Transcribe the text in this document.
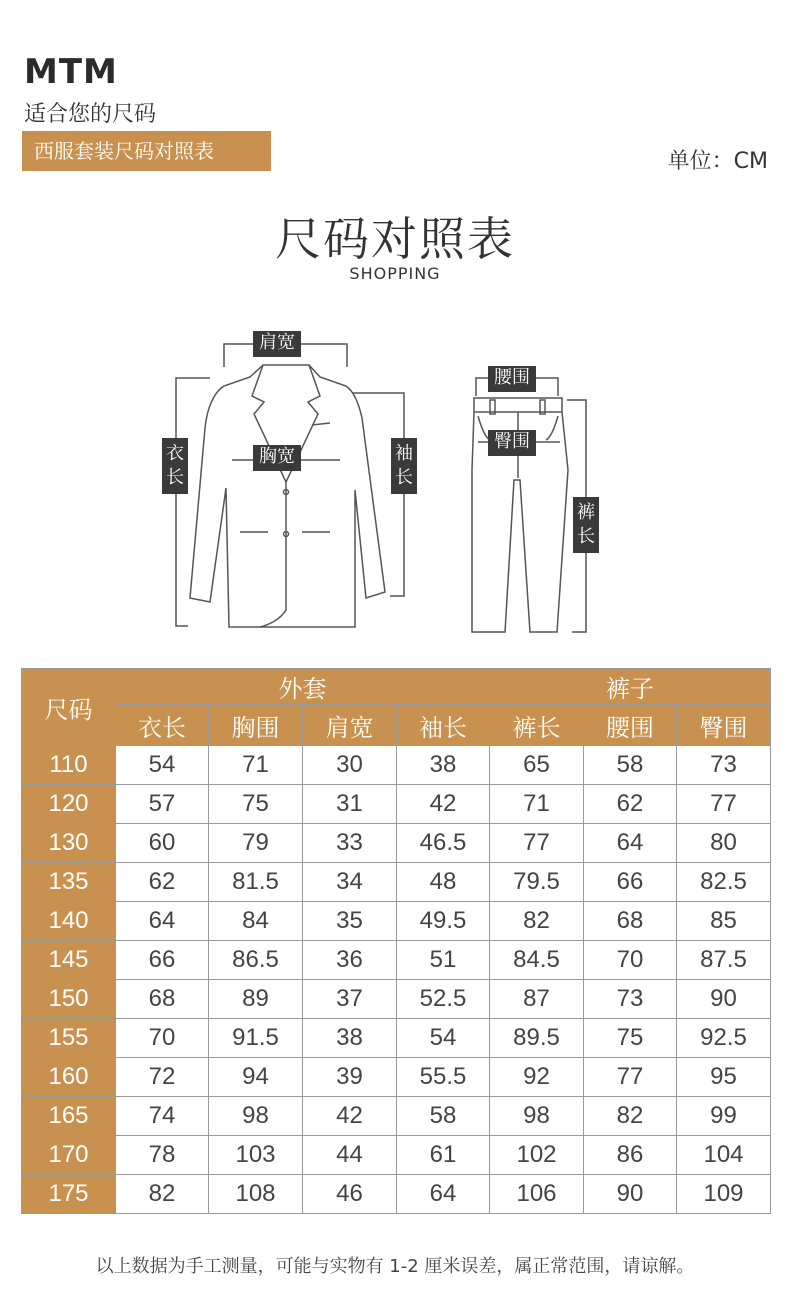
MTM
适合您的尺码
西服套装尺码对照表	单位：CM
尺码对照表
SHOPPING
肩宽
胸宽
衣
长
袖
长
腰围
臀围
裤
长
尺码	外套				裤子		
	衣长	胸围	肩宽	袖长	裤长	腰围	臀围
110	54	71	30	38	65	58	73
120	57	75	31	42	71	62	77
130	60	79	33	46.5	77	64	80
135	62	81.5	34	48	79.5	66	82.5
140	64	84	35	49.5	82	68	85
145	66	86.5	36	51	84.5	70	87.5
150	68	89	37	52.5	87	73	90
155	70	91.5	38	54	89.5	75	92.5
160	72	94	39	55.5	92	77	95
165	74	98	42	58	98	82	99
170	78	103	44	61	102	86	104
175	82	108	46	64	106	90	109
以上数据为手工测量，可能与实物有 1-2 厘米误差，属正常范围，请谅解。
